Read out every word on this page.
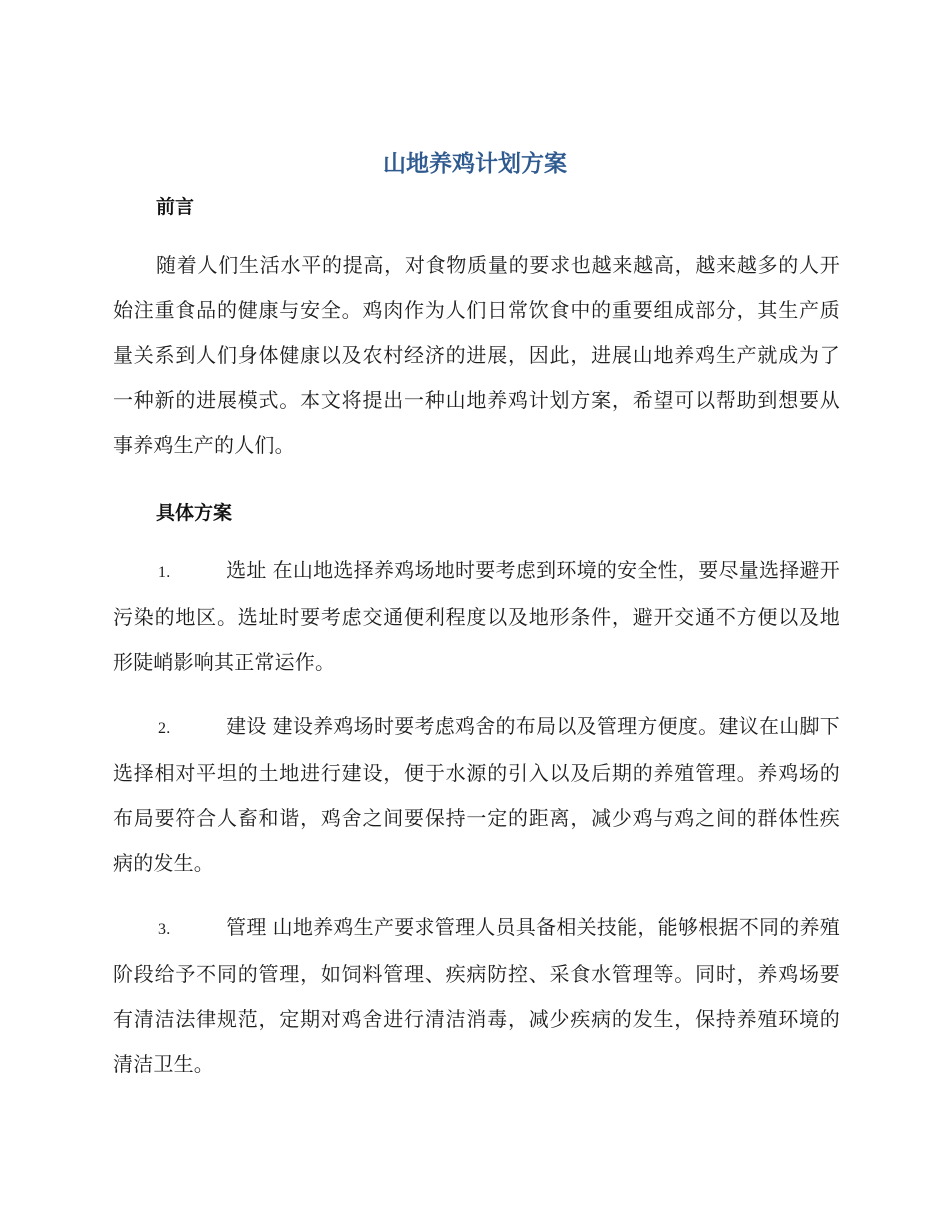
山地养鸡计划方案
前言

随着人们生活水平的提高，对食物质量的要求也越来越高，越来越多的人开始注重食品的健康与安全。鸡肉作为人们日常饮食中的重要组成部分，其生产质量关系到人们身体健康以及农村经济的进展，因此，进展山地养鸡生产就成为了一种新的进展模式。本文将提出一种山地养鸡计划方案，希望可以帮助到想要从事养鸡生产的人们。

具体方案

1.	选址 在山地选择养鸡场地时要考虑到环境的安全性，要尽量选择避开污染的地区。选址时要考虑交通便利程度以及地形条件，避开交通不方便以及地形陡峭影响其正常运作。

2.	建设 建设养鸡场时要考虑鸡舍的布局以及管理方便度。建议在山脚下选择相对平坦的土地进行建设，便于水源的引入以及后期的养殖管理。养鸡场的布局要符合人畜和谐，鸡舍之间要保持一定的距离，减少鸡与鸡之间的群体性疾病的发生。

3.	管理 山地养鸡生产要求管理人员具备相关技能，能够根据不同的养殖阶段给予不同的管理，如饲料管理、疾病防控、采食水管理等。同时，养鸡场要有清洁法律规范，定期对鸡舍进行清洁消毒，减少疾病的发生，保持养殖环境的清洁卫生。
